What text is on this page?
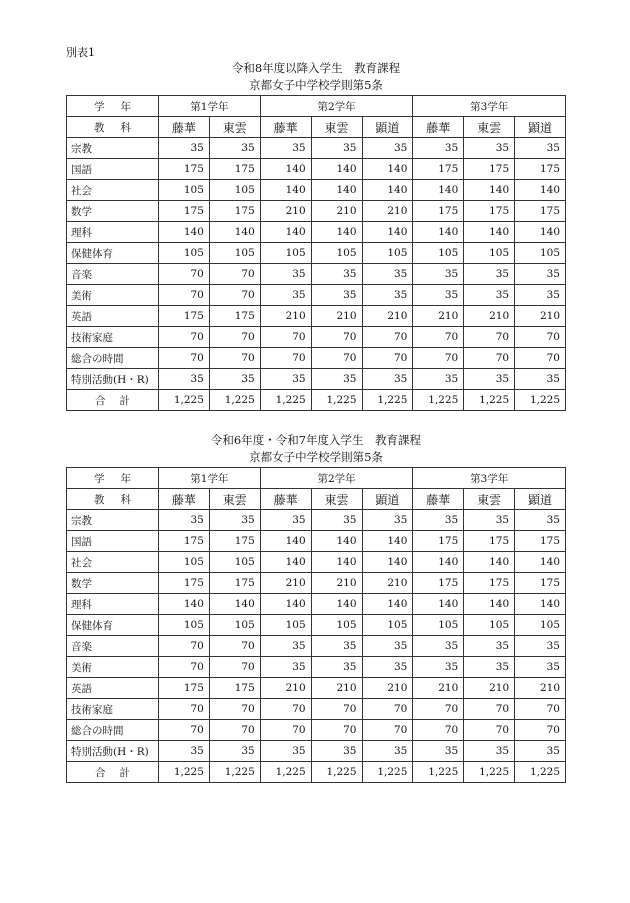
別表1
令和8年度以降入学生　教育課程
京都女子中学校学則第5条
学年	第1学年		第2学年			第3学年		
教科	藤華	東雲	藤華	東雲	顕道	藤華	東雲	顕道
宗教	35	35	35	35	35	35	35	35
国語	175	175	140	140	140	175	175	175
社会	105	105	140	140	140	140	140	140
数学	175	175	210	210	210	175	175	175
理科	140	140	140	140	140	140	140	140
保健体育	105	105	105	105	105	105	105	105
音楽	70	70	35	35	35	35	35	35
美術	70	70	35	35	35	35	35	35
英語	175	175	210	210	210	210	210	210
技術家庭	70	70	70	70	70	70	70	70
総合の時間	70	70	70	70	70	70	70	70
特別活動(H・R)	35	35	35	35	35	35	35	35
合計	1,225	1,225	1,225	1,225	1,225	1,225	1,225	1,225
令和6年度・令和7年度入学生　教育課程
京都女子中学校学則第5条
学年	第1学年		第2学年			第3学年		
教科	藤華	東雲	藤華	東雲	顕道	藤華	東雲	顕道
宗教	35	35	35	35	35	35	35	35
国語	175	175	140	140	140	175	175	175
社会	105	105	140	140	140	140	140	140
数学	175	175	210	210	210	175	175	175
理科	140	140	140	140	140	140	140	140
保健体育	105	105	105	105	105	105	105	105
音楽	70	70	35	35	35	35	35	35
美術	70	70	35	35	35	35	35	35
英語	175	175	210	210	210	210	210	210
技術家庭	70	70	70	70	70	70	70	70
総合の時間	70	70	70	70	70	70	70	70
特別活動(H・R)	35	35	35	35	35	35	35	35
合計	1,225	1,225	1,225	1,225	1,225	1,225	1,225	1,225
